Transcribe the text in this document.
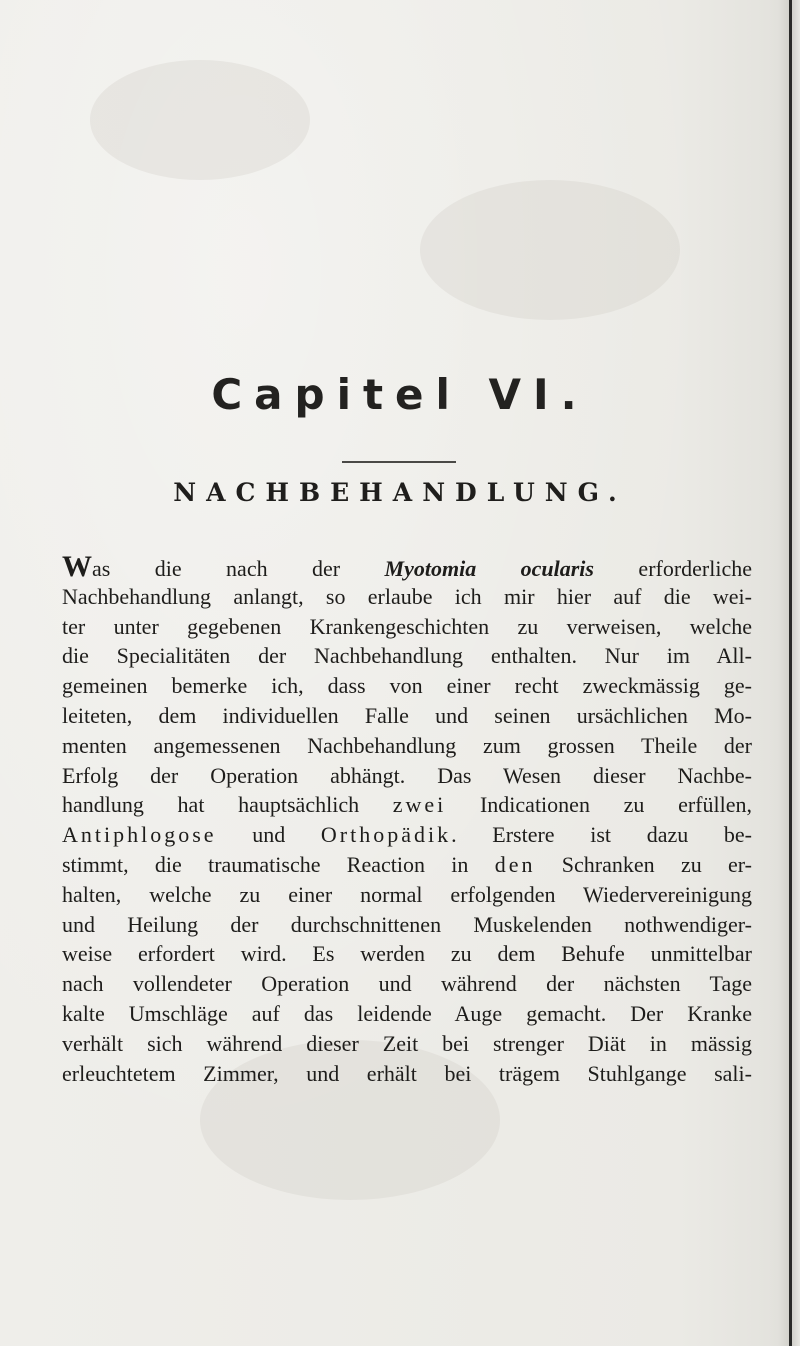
Capitel VI.
NACHBEHANDLUNG.
Was die nach der Myotomia ocularis erforderliche
Nachbehandlung anlangt, so erlaube ich mir hier auf die wei-
ter unter gegebenen Krankengeschichten zu verweisen, welche
die Specialitäten der Nachbehandlung enthalten. Nur im All-
gemeinen bemerke ich, dass von einer recht zweckmässig ge-
leiteten, dem individuellen Falle und seinen ursächlichen Mo-
menten angemessenen Nachbehandlung zum grossen Theile der
Erfolg der Operation abhängt. Das Wesen dieser Nachbe-
handlung hat hauptsächlich zwei Indicationen zu erfüllen,
Antiphlogose und Orthopädik. Erstere ist dazu be-
stimmt, die traumatische Reaction in den Schranken zu er-
halten, welche zu einer normal erfolgenden Wiedervereinigung
und Heilung der durchschnittenen Muskelenden nothwendiger-
weise erfordert wird. Es werden zu dem Behufe unmittelbar
nach vollendeter Operation und während der nächsten Tage
kalte Umschläge auf das leidende Auge gemacht. Der Kranke
verhält sich während dieser Zeit bei strenger Diät in mässig
erleuchtetem Zimmer, und erhält bei trägem Stuhlgange sali-
